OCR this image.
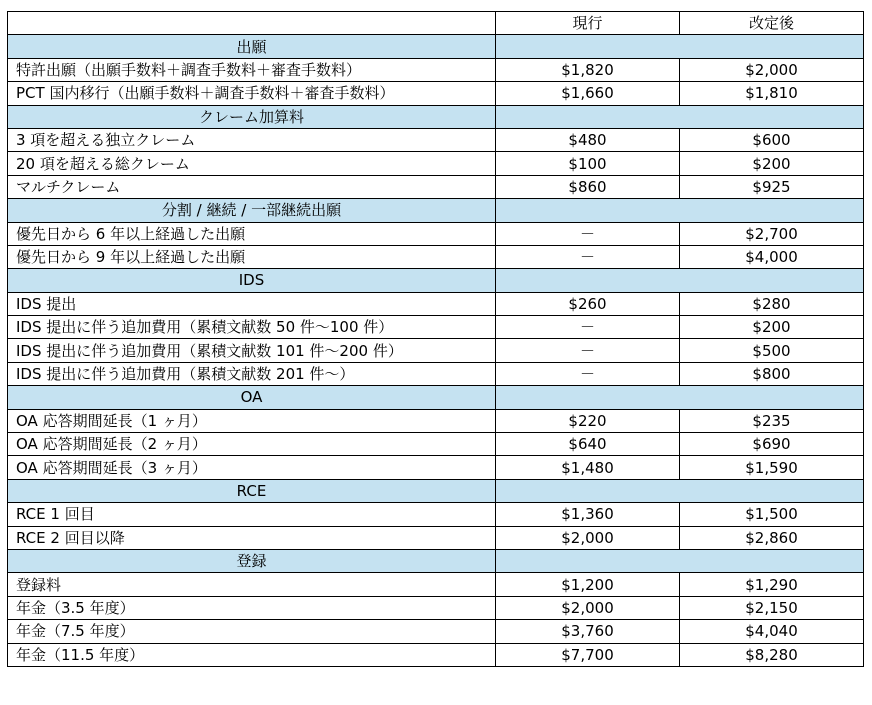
	現行	改定後
出願		
特許出願（出願手数料＋調査手数料＋審査手数料）	$1,820	$2,000
PCT 国内移行（出願手数料＋調査手数料＋審査手数料）	$1,660	$1,810
クレーム加算料		
3 項を超える独立クレーム	$480	$600
20 項を超える総クレーム	$100	$200
マルチクレーム	$860	$925
分割 / 継続 / 一部継続出願		
優先日から 6 年以上経過した出願	－	$2,700
優先日から 9 年以上経過した出願	－	$4,000
IDS		
IDS 提出	$260	$280
IDS 提出に伴う追加費用（累積文献数 50 件～100 件）	－	$200
IDS 提出に伴う追加費用（累積文献数 101 件～200 件）	－	$500
IDS 提出に伴う追加費用（累積文献数 201 件～）	－	$800
OA		
OA 応答期間延長（1 ヶ月）	$220	$235
OA 応答期間延長（2 ヶ月）	$640	$690
OA 応答期間延長（3 ヶ月）	$1,480	$1,590
RCE		
RCE 1 回目	$1,360	$1,500
RCE 2 回目以降	$2,000	$2,860
登録		
登録料	$1,200	$1,290
年金（3.5 年度）	$2,000	$2,150
年金（7.5 年度）	$3,760	$4,040
年金（11.5 年度）	$7,700	$8,280
